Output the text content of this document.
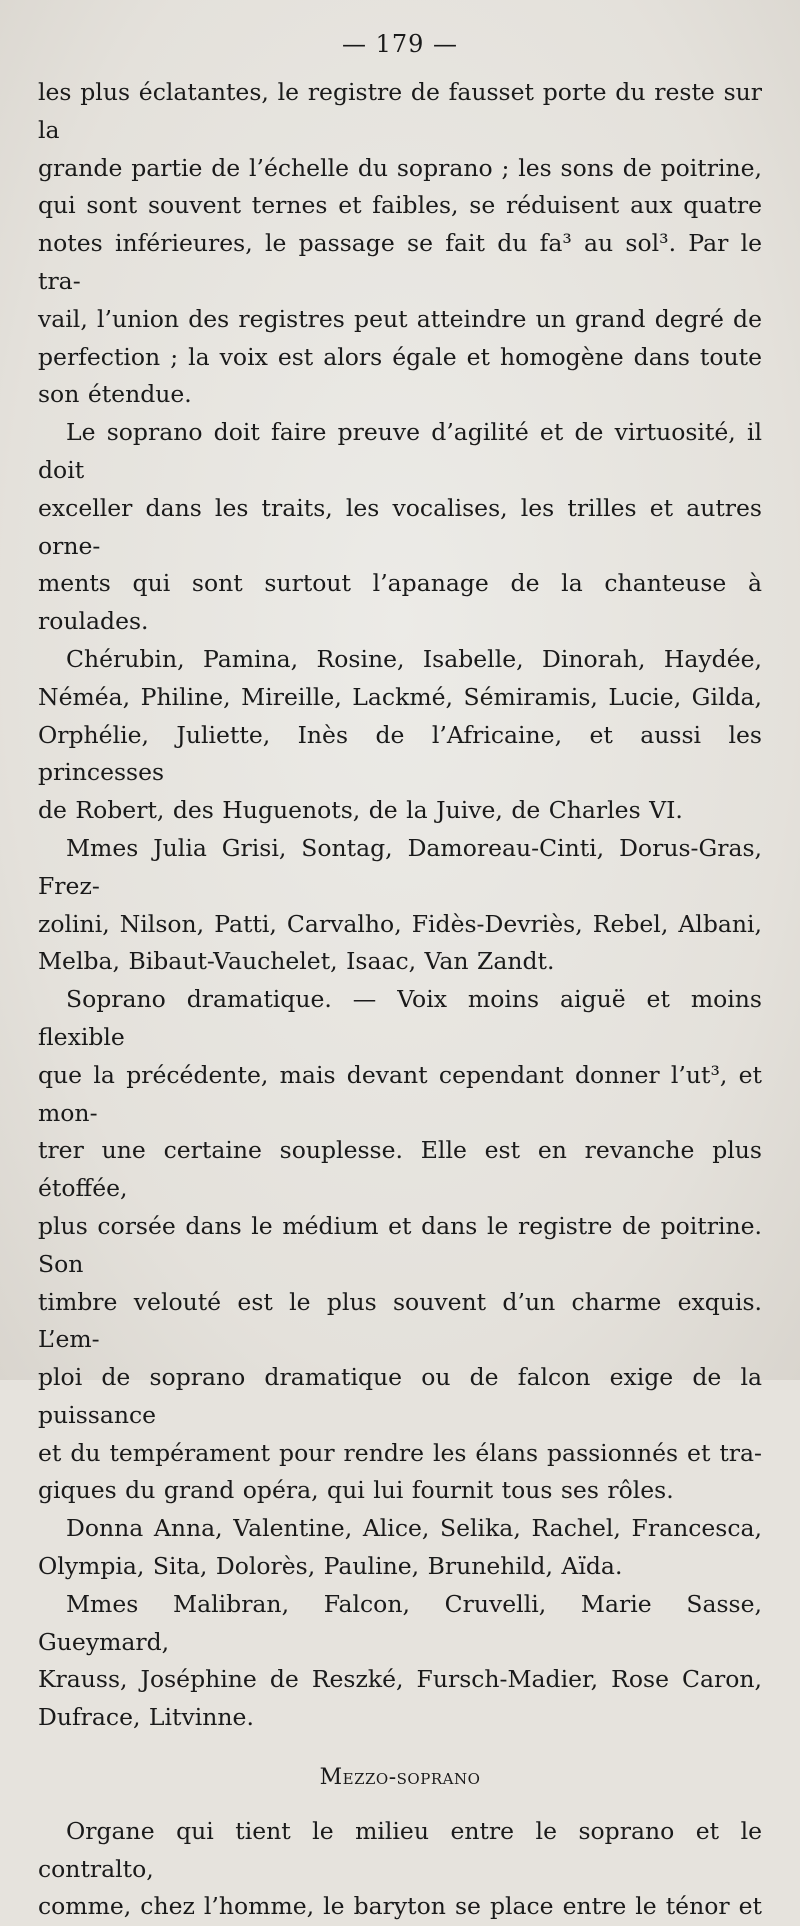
— 179 —
les plus éclatantes, le registre de fausset porte du reste sur la
grande partie de l’échelle du soprano ; les sons de poitrine,
qui sont souvent ternes et faibles, se réduisent aux quatre
notes inférieures, le passage se fait du fa³ au sol³. Par le tra-
vail, l’union des registres peut atteindre un grand degré de
perfection ; la voix est alors égale et homogène dans toute
son étendue.
Le soprano doit faire preuve d’agilité et de virtuosité, il doit
exceller dans les traits, les vocalises, les trilles et autres orne-
ments qui sont surtout l’apanage de la chanteuse à roulades.
Chérubin, Pamina, Rosine, Isabelle, Dinorah, Haydée,
Néméa, Philine, Mireille, Lackmé, Sémiramis, Lucie, Gilda,
Orphélie, Juliette, Inès de l’Africaine, et aussi les princesses
de Robert, des Huguenots, de la Juive, de Charles VI.
Mmes Julia Grisi, Sontag, Damoreau-Cinti, Dorus-Gras, Frez-
zolini, Nilson, Patti, Carvalho, Fidès-Devriès, Rebel, Albani,
Melba, Bibaut-Vauchelet, Isaac, Van Zandt.
Soprano dramatique. — Voix moins aiguë et moins flexible
que la précédente, mais devant cependant donner l’ut³, et mon-
trer une certaine souplesse. Elle est en revanche plus étoffée,
plus corsée dans le médium et dans le registre de poitrine. Son
timbre velouté est le plus souvent d’un charme exquis. L’em-
ploi de soprano dramatique ou de falcon exige de la puissance
et du tempérament pour rendre les élans passionnés et tra-
giques du grand opéra, qui lui fournit tous ses rôles.
Donna Anna, Valentine, Alice, Selika, Rachel, Francesca,
Olympia, Sita, Dolorès, Pauline, Brunehild, Aïda.
Mmes Malibran, Falcon, Cruvelli, Marie Sasse, Gueymard,
Krauss, Joséphine de Reszké, Fursch-Madier, Rose Caron,
Dufrace, Litvinne.
Mezzo-soprano
Organe qui tient le milieu entre le soprano et le contralto,
comme, chez l’homme, le baryton se place entre le ténor et
